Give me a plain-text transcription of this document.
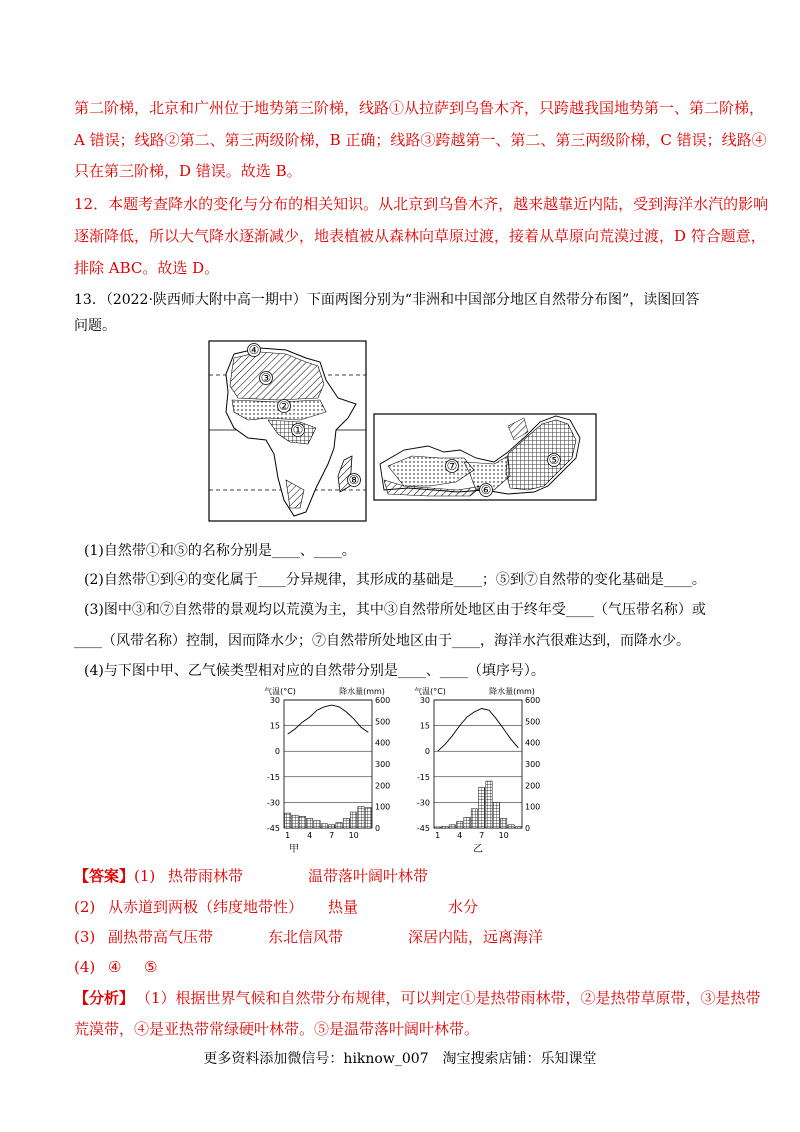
第二阶梯，北京和广州位于地势第三阶梯，线路①从拉萨到乌鲁木齐，只跨越我国地势第一、第二阶梯，
A 错误；线路②第二、第三两级阶梯，B 正确；线路③跨越第一、第二、第三两级阶梯，C 错误；线路④
只在第三阶梯，D 错误。故选 B。
12．本题考查降水的变化与分布的相关知识。从北京到乌鲁木齐，越来越靠近内陆，受到海洋水汽的影响
逐渐降低，所以大气降水逐渐减少，地表植被从森林向草原过渡，接着从草原向荒漠过渡，D 符合题意，
排除 ABC。故选 D。
13．（2022·陕西师大附中高一期中）下面两图分别为“非洲和中国部分地区自然带分布图”，读图回答
问题。
④
③
②
①
⑧
⑦
⑥
⑤
(1)自然带①和⑤的名称分别是____、____。
(2)自然带①到④的变化属于____分异规律，其形成的基础是____；⑤到⑦自然带的变化基础是____。
(3)图中③和⑦自然带的景观均以荒漠为主，其中③自然带所处地区由于终年受____（气压带名称）或
____（风带名称）控制，因而降水少；⑦自然带所处地区由于____，海洋水汽很难达到，而降水少。
(4)与下图中甲、乙气候类型相对应的自然带分别是____、____（填序号）。
气温(°C)	降水量(mm)
30
15
0
-15
-30
-45
600
500
400
300
200
100
0
1 4 7 10
甲
气温(°C)	降水量(mm)
30
15
0
-15
-30
-45
600
500
400
300
200
100
0
1 4 7 10
乙
【答案】 (1) 热带雨林带	温带落叶阔叶林带
(2) 从赤道到两极（纬度地带性） 热量	水分
(3) 副热带高气压带	东北信风带	深居内陆，远离海洋
(4) ④ ⑤
【分析】 （1）根据世界气候和自然带分布规律，可以判定①是热带雨林带，②是热带草原带，③是热带
荒漠带，④是亚热带常绿硬叶林带。⑤是温带落叶阔叶林带。
更多资料添加微信号：hiknow_007　淘宝搜索店铺：乐知课堂
